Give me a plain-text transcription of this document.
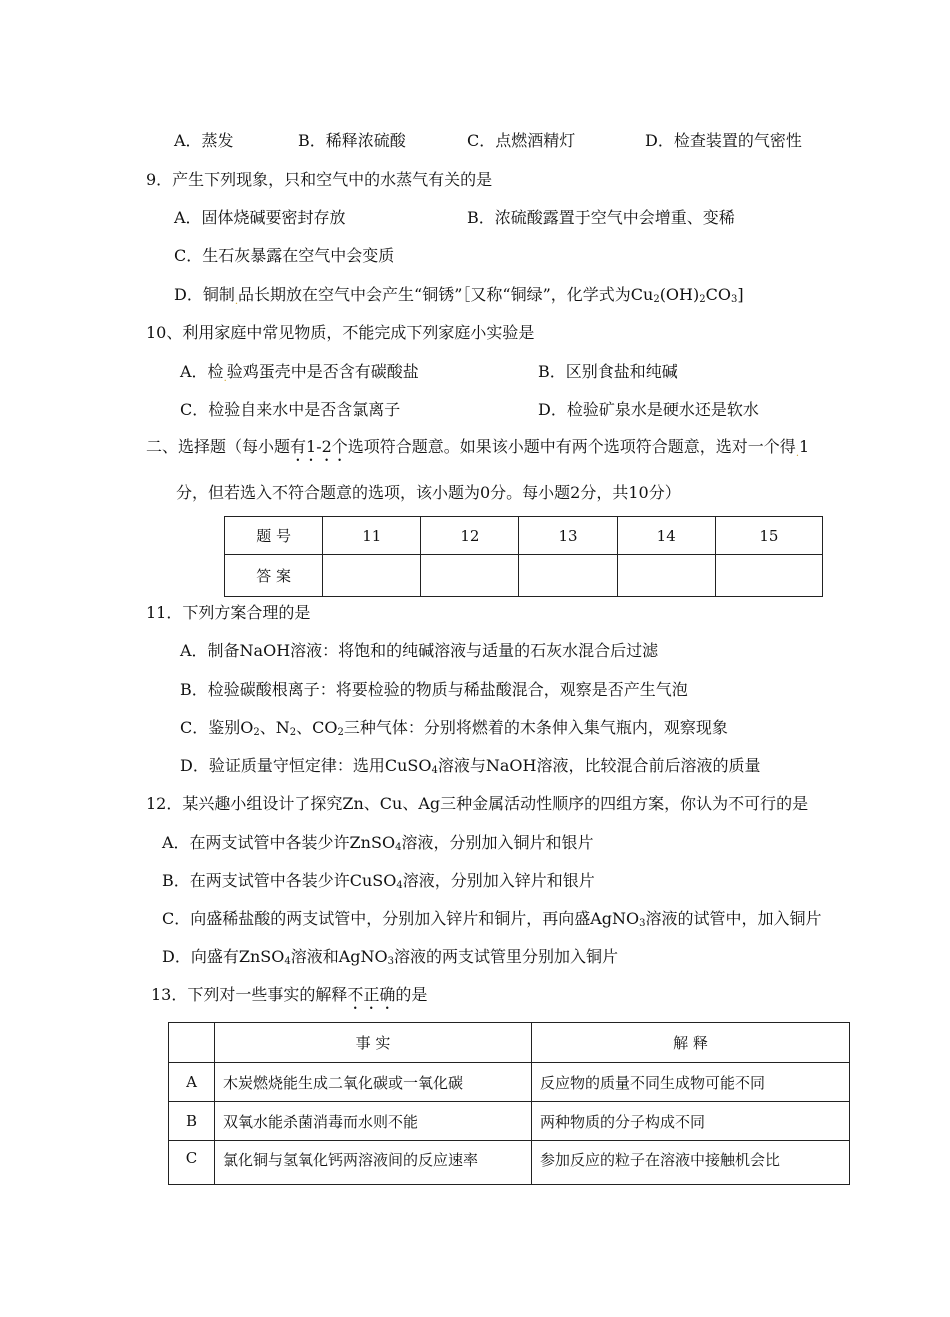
A．蒸发	B．稀释浓硫酸	C．点燃酒精灯	D．检查装置的气密性
9．产生下列现象，只和空气中的水蒸气有关的是
A．固体烧碱要密封存放	B．浓硫酸露置于空气中会增重、变稀
C．生石灰暴露在空气中会变质
D．铜制$_.$品长期放在空气中会产生“铜锈”［又称“铜绿”，化学式为$Cu_2(OH)_2CO_3$]
10、利用家庭中常见物质，不能完成下列家庭小实验是
A．检$_.$验鸡蛋壳中是否含有碳酸盐	B．区别食盐和纯碱
C．检验自来水中是否含氯离子	D．检验矿泉水是硬水还是软水
二、选择题（每小题有1-2个选项符合题意。如果该小题中有两个选项符合题意，选对一个得$_.$1
分，但若选入不符合题意的选项，该小题为0分。每小题2分，共10分）
题 号	11	12	13	14	15
答 案					
11．下列方案合理的是
A．制备NaOH溶液：将饱和的纯碱溶液与适量的石灰水混合后过滤
B．检验碳酸根离子：将要检验的物质与稀盐酸混合，观察是否产生气泡
C．鉴别$O_2$、$N_2$、$CO_2$三种气体：分别将燃着的木条伸入集气瓶内，观察现象
D．验证质量守恒定律：选用CuSO$_4$溶液与NaOH溶液，比较混合前后溶液的质量
12．某兴趣小组设计了探究Zn、Cu、Ag三种金属活动性顺序的四组方案，你认为不可行的是
A．在两支试管中各装少许ZnSO$_4$溶液，分别加入铜片和银片
B．在两支试管中各装少许CuSO$_4$溶液，分别加入锌片和银片
C．向盛稀盐酸的两支试管中，分别加入锌片和铜片，再向盛AgNO$_3$溶液的试管中，加入铜片
D．向盛有ZnSO$_4$溶液和AgNO$_3$溶液的两支试管里分别加入铜片
13．下列对一些事实的解释不正确的是
	事 实	解 释
A	木炭燃烧能生成二氧化碳或一氧化碳	反应物的质量不同生成物可能不同
B	双氧水能杀菌消毒而水则不能	两种物质的分子构成不同
C	氯化铜与氢氧化钙两溶液间的反应速率	参加反应的粒子在溶液中接触机会比
